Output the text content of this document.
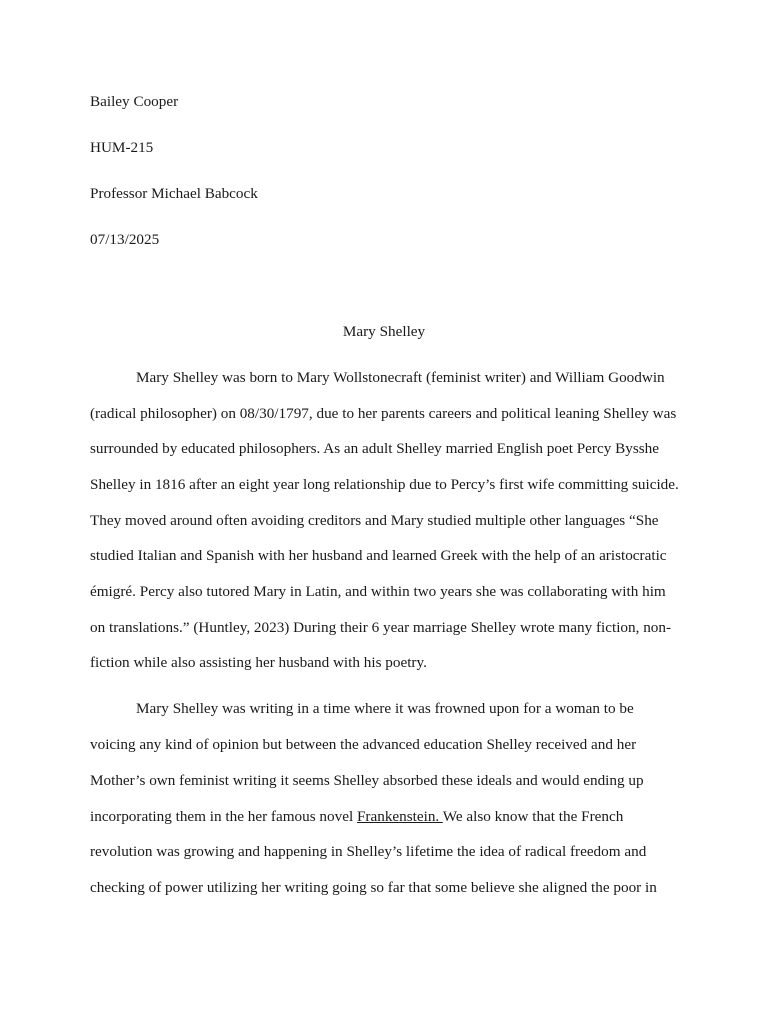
Bailey Cooper
HUM-215
Professor Michael Babcock
07/13/2025
Mary Shelley
Mary Shelley was born to Mary Wollstonecraft (feminist writer) and William Goodwin
(radical philosopher) on 08/30/1797, due to her parents careers and political leaning Shelley was
surrounded by educated philosophers. As an adult Shelley married English poet Percy Bysshe
Shelley in 1816 after an eight year long relationship due to Percy’s first wife committing suicide.
They moved around often avoiding creditors and Mary studied multiple other languages “She
studied Italian and Spanish with her husband and learned Greek with the help of an aristocratic
émigré. Percy also tutored Mary in Latin, and within two years she was collaborating with him
on translations.” (Huntley, 2023) During their 6 year marriage Shelley wrote many fiction, non-
fiction while also assisting her husband with his poetry.
Mary Shelley was writing in a time where it was frowned upon for a woman to be
voicing any kind of opinion but between the advanced education Shelley received and her
Mother’s own feminist writing it seems Shelley absorbed these ideals and would ending up
incorporating them in the her famous novel Frankenstein. We also know that the French
revolution was growing and happening in Shelley’s lifetime the idea of radical freedom and
checking of power utilizing her writing going so far that some believe she aligned the poor in
